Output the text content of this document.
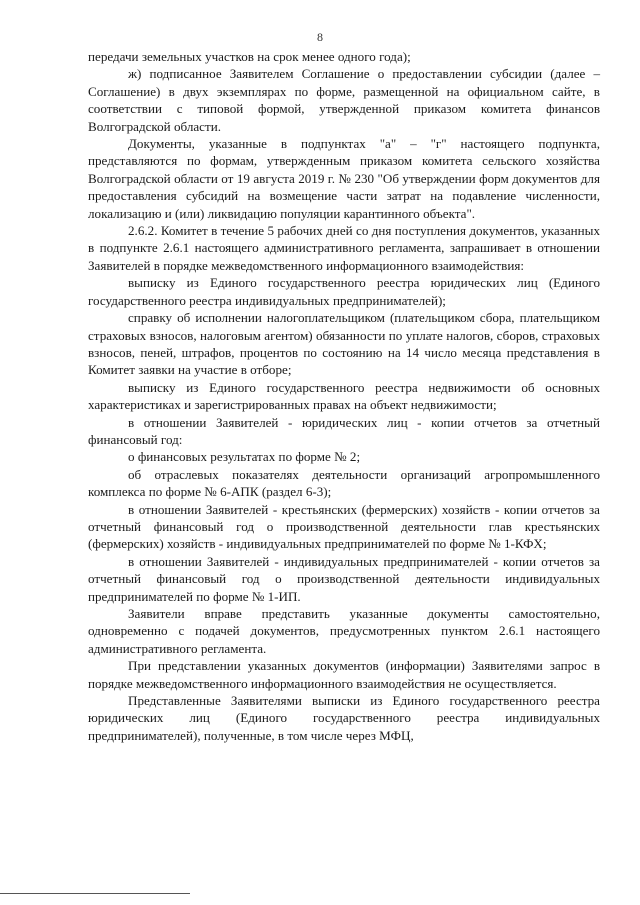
8

передачи земельных участков на срок менее одного года);

ж) подписанное Заявителем Соглашение о предоставлении субсидии (далее – Соглашение) в двух экземплярах по форме, размещенной на официальном сайте, в соответствии с типовой формой, утвержденной приказом комитета финансов Волгоградской области.

Документы, указанные в подпунктах "а" – "г" настоящего подпункта, представляются по формам, утвержденным приказом комитета сельского хозяйства Волгоградской области от 19 августа 2019 г. № 230 "Об утверждении форм документов для предоставления субсидий на возмещение части затрат на подавление численности, локализацию и (или) ликвидацию популяции карантинного объекта".

2.6.2. Комитет в течение 5 рабочих дней со дня поступления документов, указанных в подпункте 2.6.1 настоящего административного регламента, запрашивает в отношении Заявителей в порядке межведомственного информационного взаимодействия:

выписку из Единого государственного реестра юридических лиц (Единого государственного реестра индивидуальных предпринимателей);

справку об исполнении налогоплательщиком (плательщиком сбора, плательщиком страховых взносов, налоговым агентом) обязанности по уплате налогов, сборов, страховых взносов, пеней, штрафов, процентов по состоянию на 14 число месяца представления в Комитет заявки на участие в отборе;

выписку из Единого государственного реестра недвижимости об основных характеристиках и зарегистрированных правах на объект недвижимости;

в отношении Заявителей - юридических лиц - копии отчетов за отчетный финансовый год:

о финансовых результатах по форме № 2;

об отраслевых показателях деятельности организаций агропромышленного комплекса по форме № 6-АПК (раздел 6-3);

в отношении Заявителей - крестьянских (фермерских) хозяйств - копии отчетов за отчетный финансовый год о производственной деятельности глав крестьянских (фермерских) хозяйств - индивидуальных предпринимателей по форме № 1-КФХ;

в отношении Заявителей - индивидуальных предпринимателей - копии отчетов за отчетный финансовый год о производственной деятельности индивидуальных предпринимателей по форме № 1-ИП.

Заявители вправе представить указанные документы самостоятельно, одновременно с подачей документов, предусмотренных пунктом 2.6.1 настоящего административного регламента.

При представлении указанных документов (информации) Заявителями запрос в порядке межведомственного информационного взаимодействия не осуществляется.

Представленные Заявителями выписки из Единого государственного реестра юридических лиц (Единого государственного реестра индивидуальных предпринимателей), полученные, в том числе через МФЦ,
